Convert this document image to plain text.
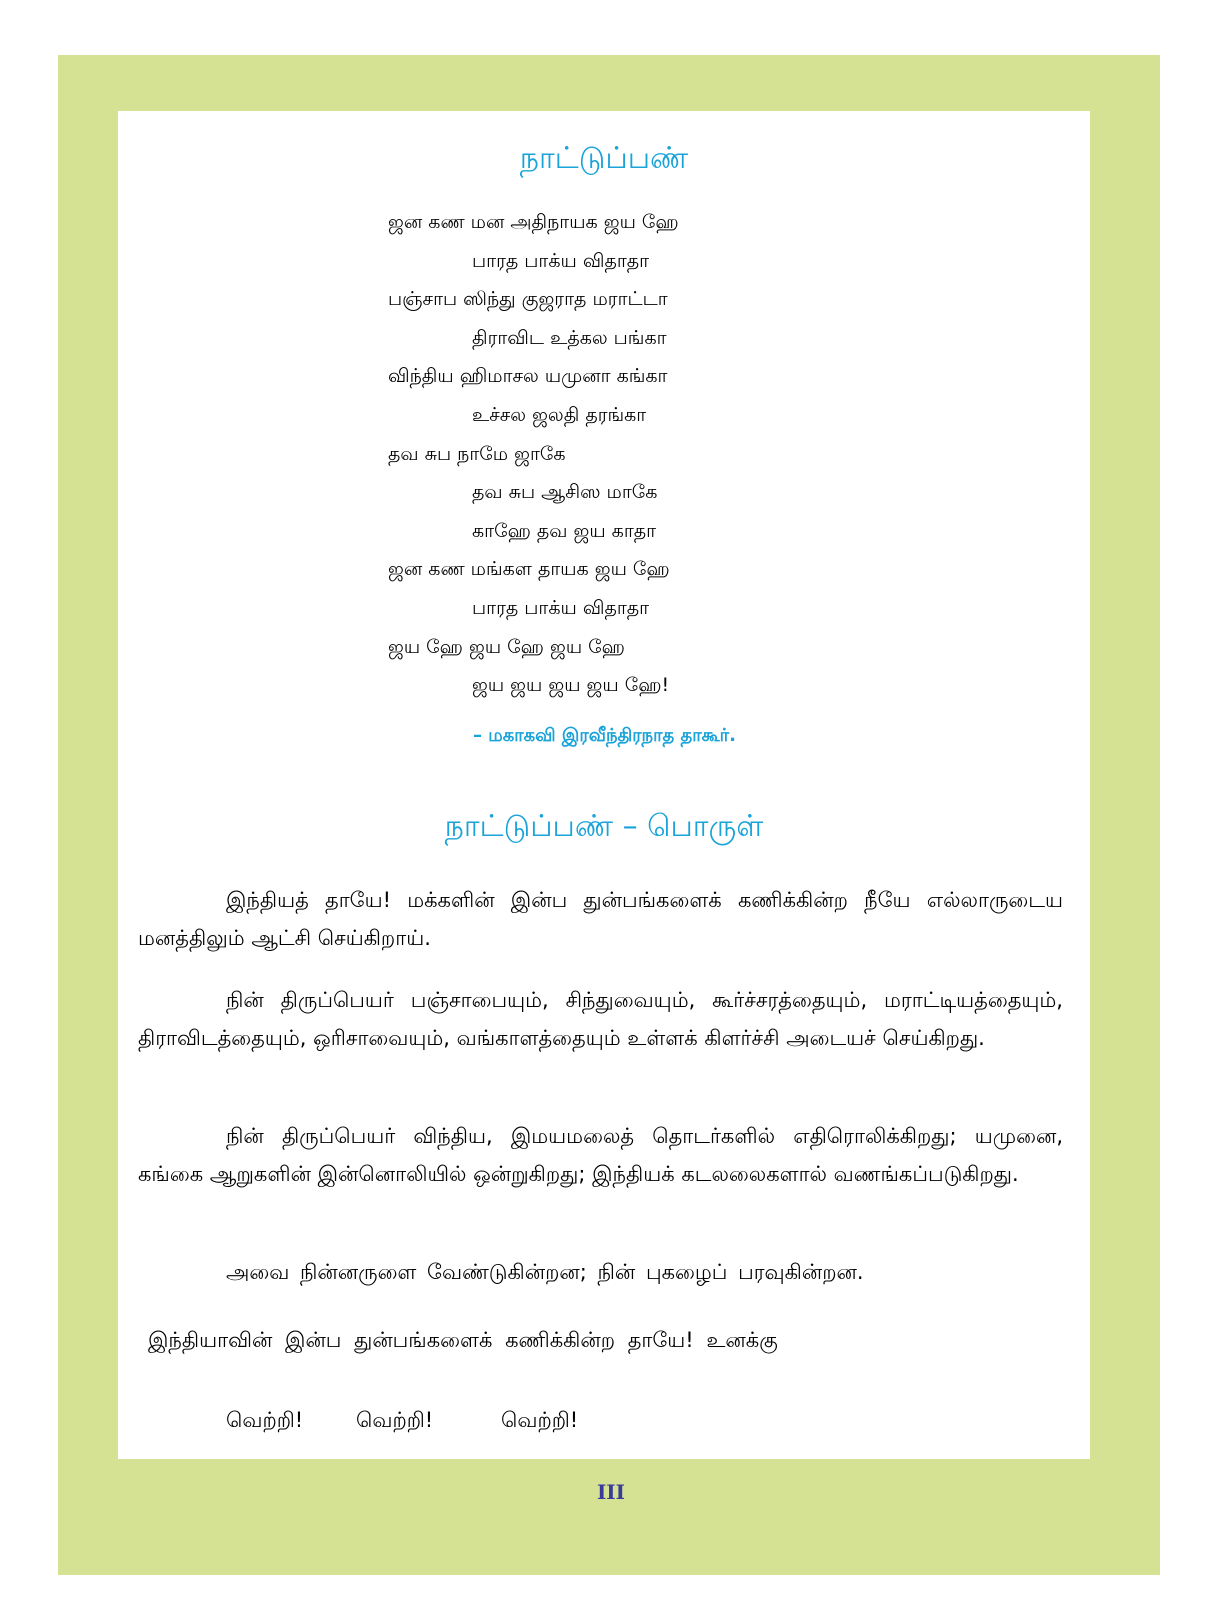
நாட்டுப்பண்
ஜன கண மன அதிநாயக ஜய ஹே
பாரத பாக்ய விதாதா
பஞ்சாப ஸிந்து குஜராத மராட்டா
திராவிட உத்கல பங்கா
விந்திய ஹிமாசல யமுனா கங்கா
உச்சல ஜலதி தரங்கா
தவ சுப நாமே ஜாகே
தவ சுப ஆசிஸ மாகே
காஹே தவ ஜய காதா
ஜன கண மங்கள தாயக ஜய ஹே
பாரத பாக்ய விதாதா
ஜய ஹே ஜய ஹே ஜய ஹே
ஜய ஜய ஜய ஜய ஹே!
– மகாகவி இரவீந்திரநாத தாகூர்.
நாட்டுப்பண் – பொருள்

இந்தியத் தாயே! மக்களின் இன்ப துன்பங்களைக் கணிக்கின்ற நீயே எல்லாருடைய மனத்திலும் ஆட்சி செய்கிறாய்.

நின் திருப்பெயர் பஞ்சாபையும், சிந்துவையும், கூர்ச்சரத்தையும், மராட்டியத்தையும், திராவிடத்தையும், ஒரிசாவையும், வங்காளத்தையும் உள்ளக் கிளர்ச்சி அடையச் செய்கிறது.

நின் திருப்பெயர் விந்திய, இமயமலைத் தொடர்களில் எதிரொலிக்கிறது; யமுனை, கங்கை ஆறுகளின் இன்னொலியில் ஒன்றுகிறது; இந்தியக் கடலலைகளால் வணங்கப்படுகிறது.

அவை நின்னருளை வேண்டுகின்றன; நின் புகழைப் பரவுகின்றன.

இந்தியாவின் இன்ப துன்பங்களைக் கணிக்கின்ற தாயே! உனக்கு

வெற்றி!	வெற்றி!	வெற்றி!
III
